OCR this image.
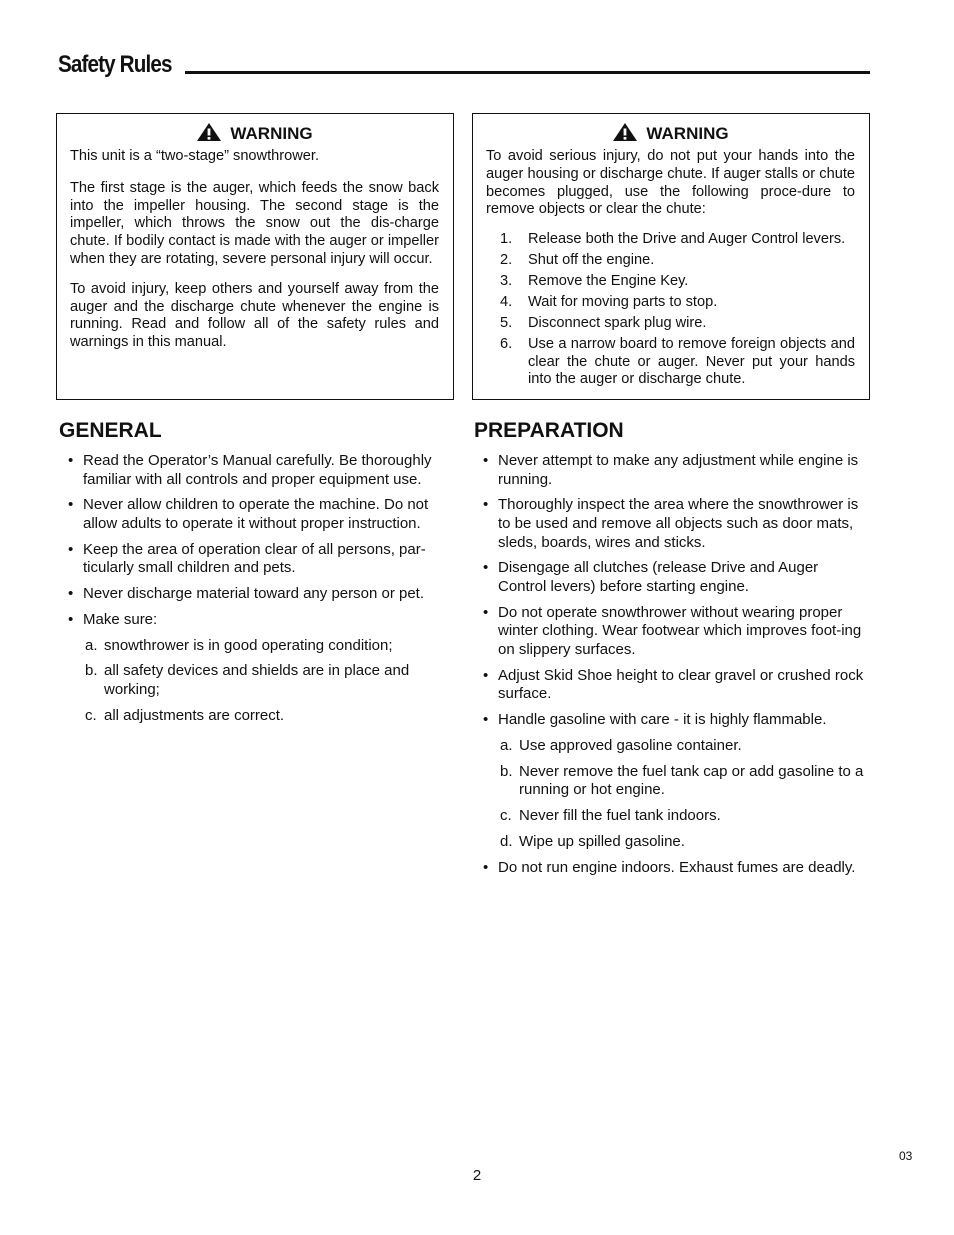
Safety Rules
WARNING

This unit is a “two-stage” snowthrower.

The first stage is the auger, which feeds the snow back into the impeller housing. The second stage is the impeller, which throws the snow out the dis-charge chute. If bodily contact is made with the auger or impeller when they are rotating, severe personal injury will occur.

To avoid injury, keep others and yourself away from the auger and the discharge chute whenever the engine is running. Read and follow all of the safety rules and warnings in this manual.

WARNING

To avoid serious injury, do not put your hands into the auger housing or discharge chute. If auger stalls or chute becomes plugged, use the following proce-dure to remove objects or clear the chute:

1. Release both the Drive and Auger Control levers.
2. Shut off the engine.
3. Remove the Engine Key.
4. Wait for moving parts to stop.
5. Disconnect spark plug wire.
6. Use a narrow board to remove foreign objects and clear the chute or auger. Never put your hands into the auger or discharge chute.
GENERAL
• Read the Operator’s Manual carefully. Be thoroughly familiar with all controls and proper equipment use.
• Never allow children to operate the machine. Do not allow adults to operate it without proper instruction.
• Keep the area of operation clear of all persons, par-ticularly small children and pets.
• Never discharge material toward any person or pet.
• Make sure:
a. snowthrower is in good operating condition;
b. all safety devices and shields are in place and working;
c. all adjustments are correct.
PREPARATION
• Never attempt to make any adjustment while engine is running.
• Thoroughly inspect the area where the snowthrower is to be used and remove all objects such as door mats, sleds, boards, wires and sticks.
• Disengage all clutches (release Drive and Auger Control levers) before starting engine.
• Do not operate snowthrower without wearing proper winter clothing. Wear footwear which improves foot-ing on slippery surfaces.
• Adjust Skid Shoe height to clear gravel or crushed rock surface.
• Handle gasoline with care - it is highly flammable.
a. Use approved gasoline container.
b. Never remove the fuel tank cap or add gasoline to a running or hot engine.
c. Never fill the fuel tank indoors.
d. Wipe up spilled gasoline.
• Do not run engine indoors. Exhaust fumes are deadly.
03
2
